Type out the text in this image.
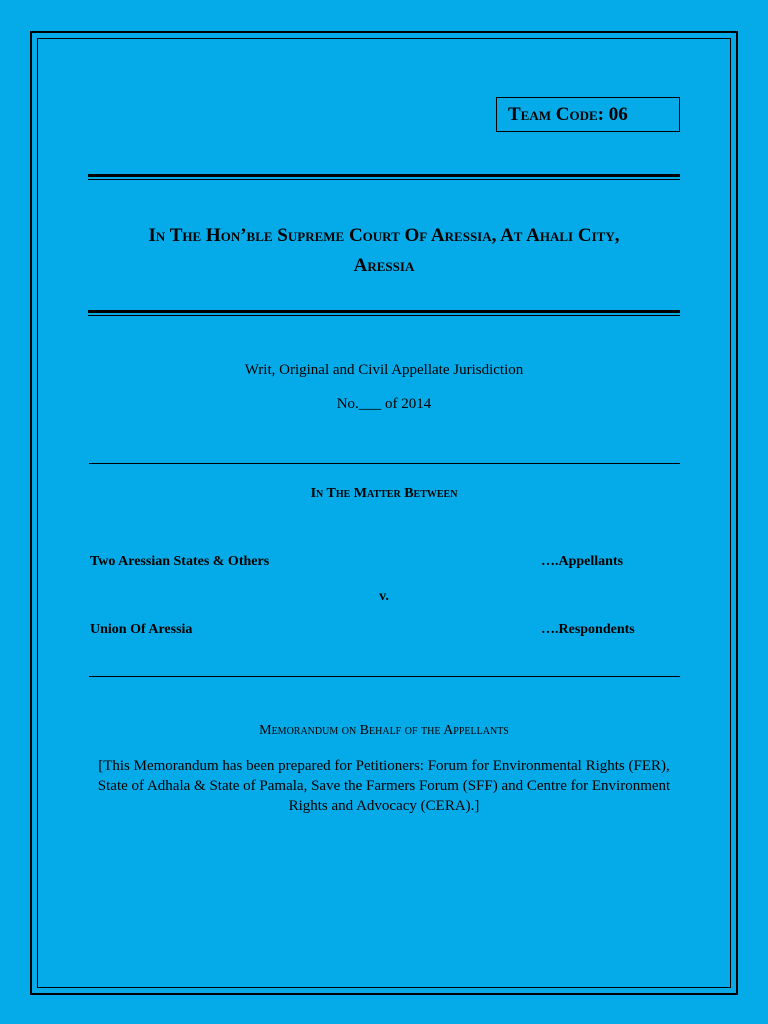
Team Code: 06
In The Hon’ble Supreme Court Of Aressia, At Ahali City,
Aressia
Writ, Original and Civil Appellate Jurisdiction
No.___ of 2014
In The Matter Between
Two Aressian States & Others	….Appellants
v.
Union Of Aressia	….Respondents
Memorandum on Behalf of the Appellants
[This Memorandum has been prepared for Petitioners: Forum for Environmental Rights (FER), State of Adhala & State of Pamala, Save the Farmers Forum (SFF) and Centre for Environment Rights and Advocacy (CERA).]
